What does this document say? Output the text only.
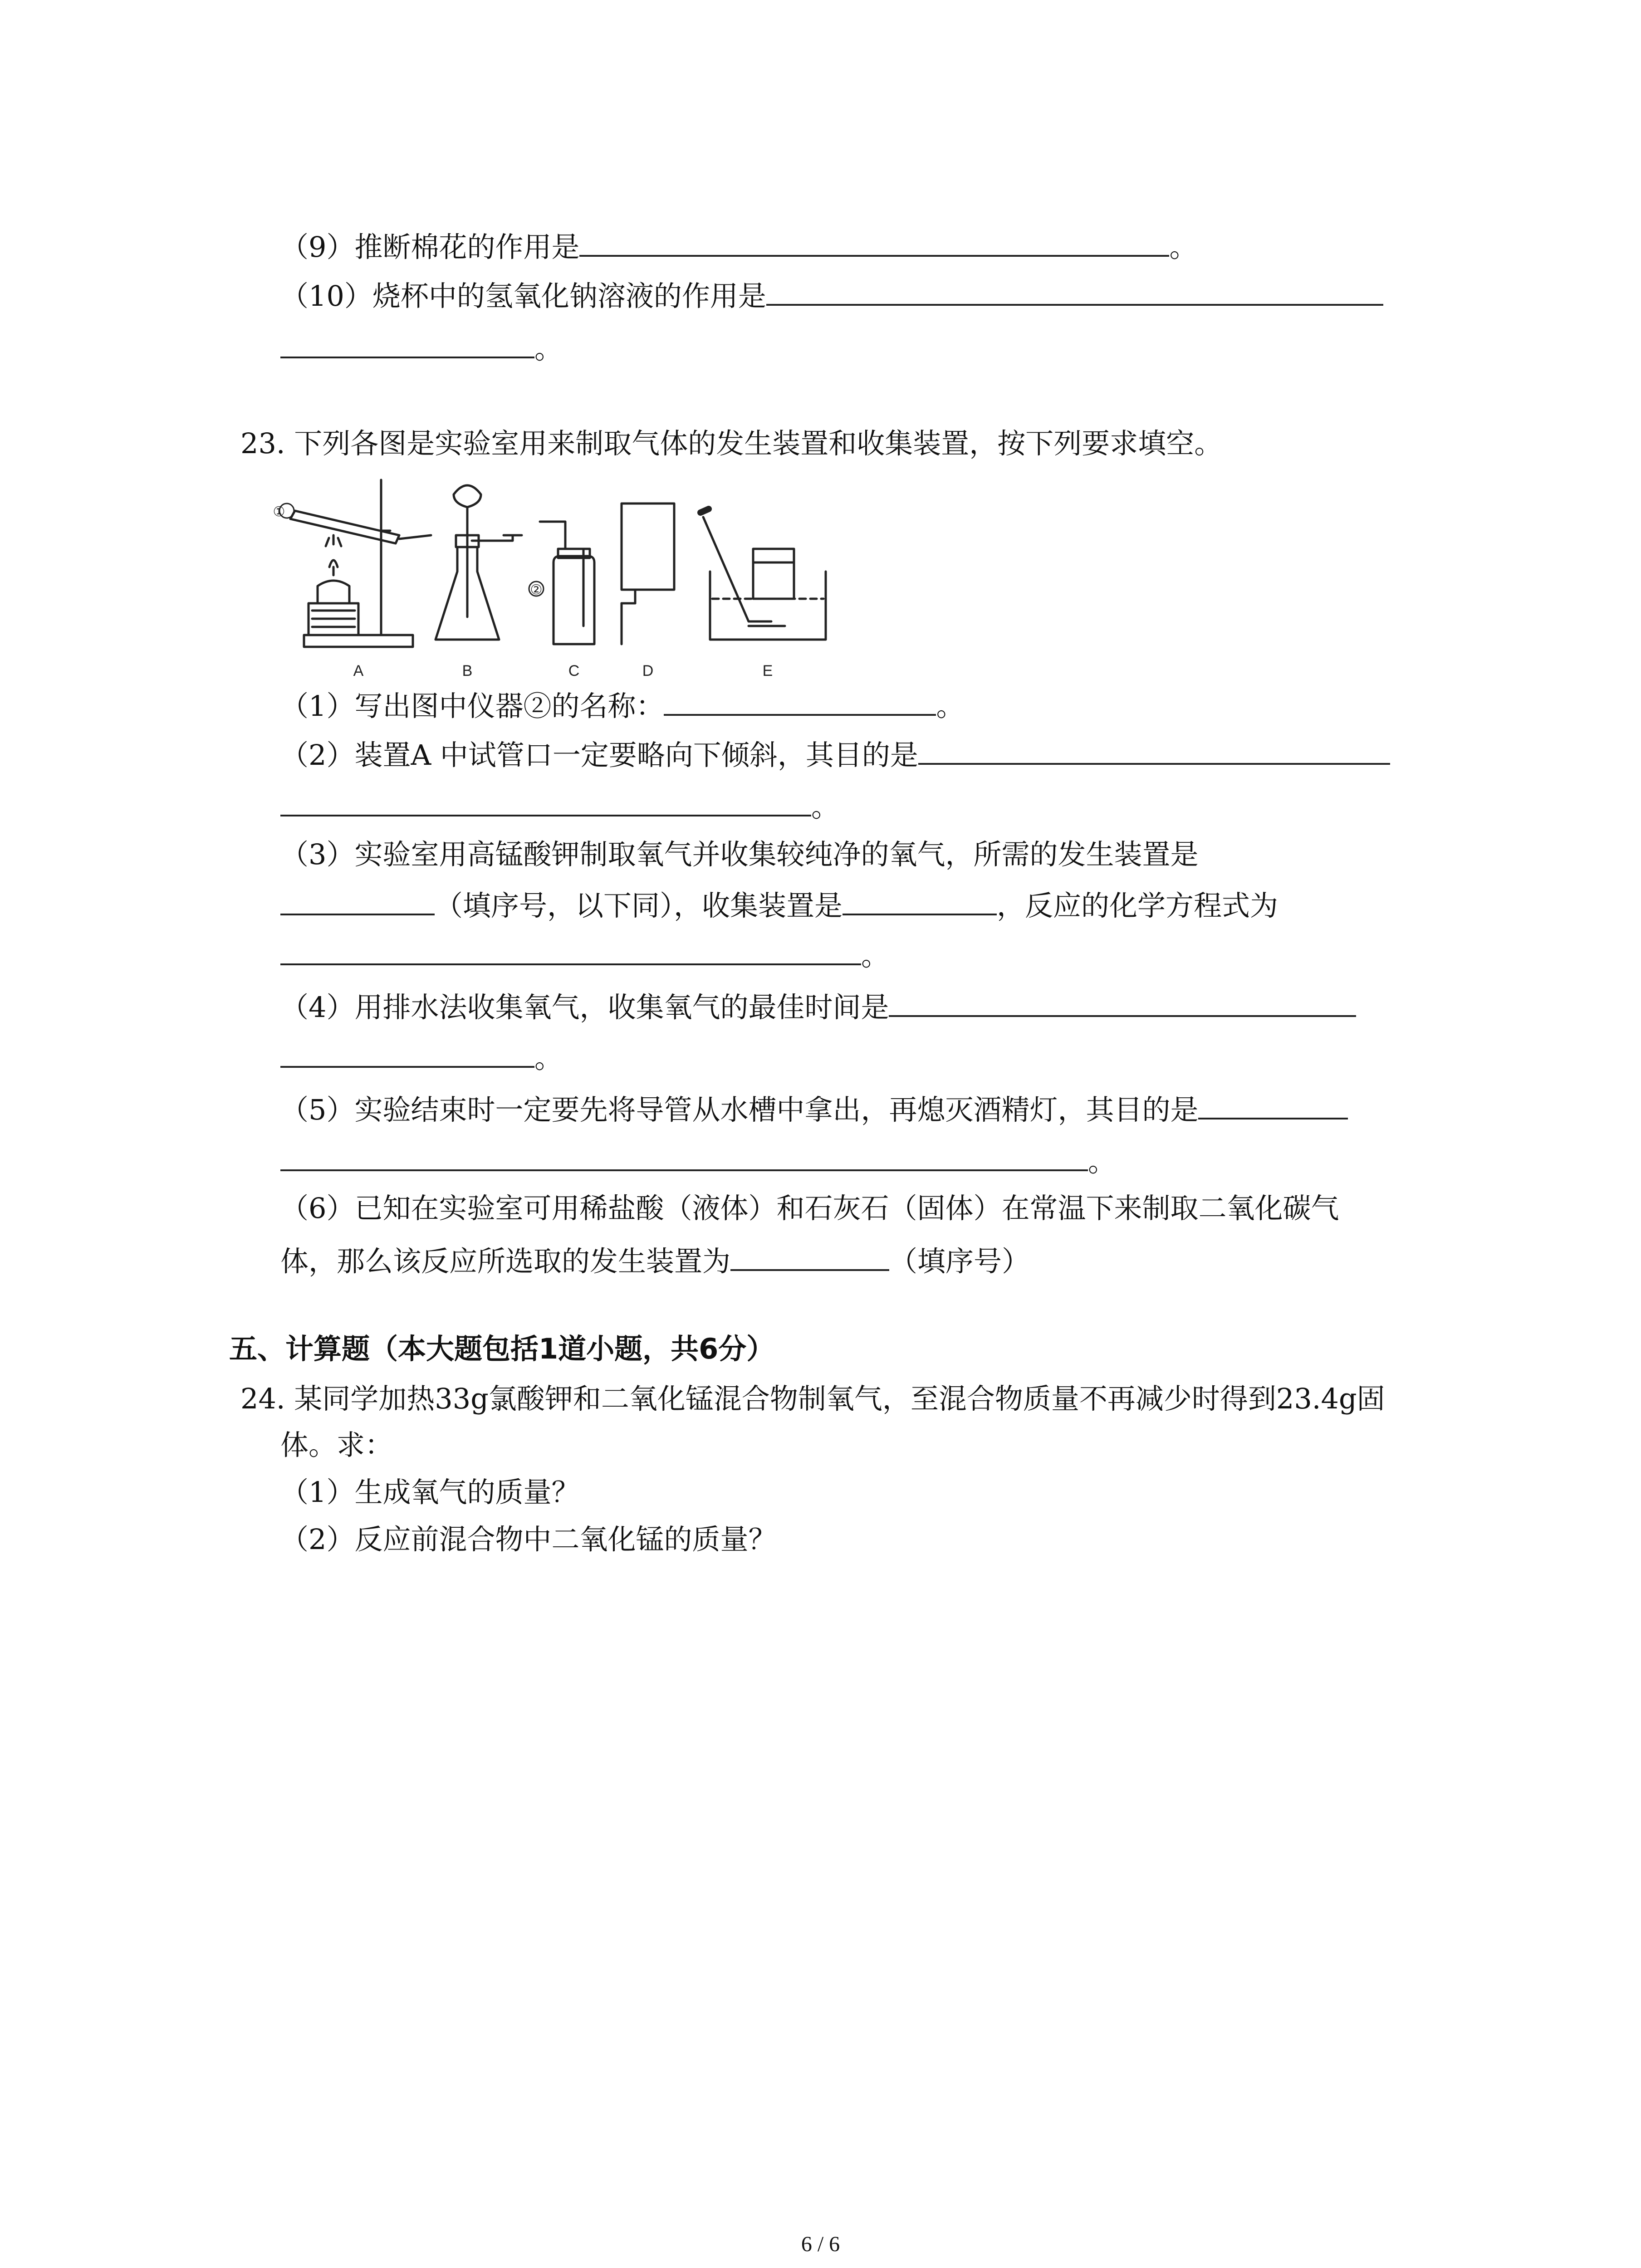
（9）推断棉花的作用是	。
（10）烧杯中的氢氧化钠溶液的作用是
。
23. 下列各图是实验室用来制取气体的发生装置和收集装置，按下列要求填空。
①
②
A	B	C	D	E
（1）写出图中仪器②的名称：	。
（2）装置A 中试管口一定要略向下倾斜，其目的是
。
（3）实验室用高锰酸钾制取氧气并收集较纯净的氧气，所需的发生装置是
（填序号，以下同），收集装置是	，反应的化学方程式为
。
（4）用排水法收集氧气，收集氧气的最佳时间是
。
（5）实验结束时一定要先将导管从水槽中拿出，再熄灭酒精灯，其目的是
。
（6）已知在实验室可用稀盐酸（液体）和石灰石（固体）在常温下来制取二氧化碳气
体，那么该反应所选取的发生装置为	（填序号）
五、计算题（本大题包括1道小题，共6分）
24. 某同学加热33g氯酸钾和二氧化锰混合物制氧气，至混合物质量不再减少时得到23.4g固
体。求：
（1）生成氧气的质量？
（2）反应前混合物中二氧化锰的质量？
6 / 6
